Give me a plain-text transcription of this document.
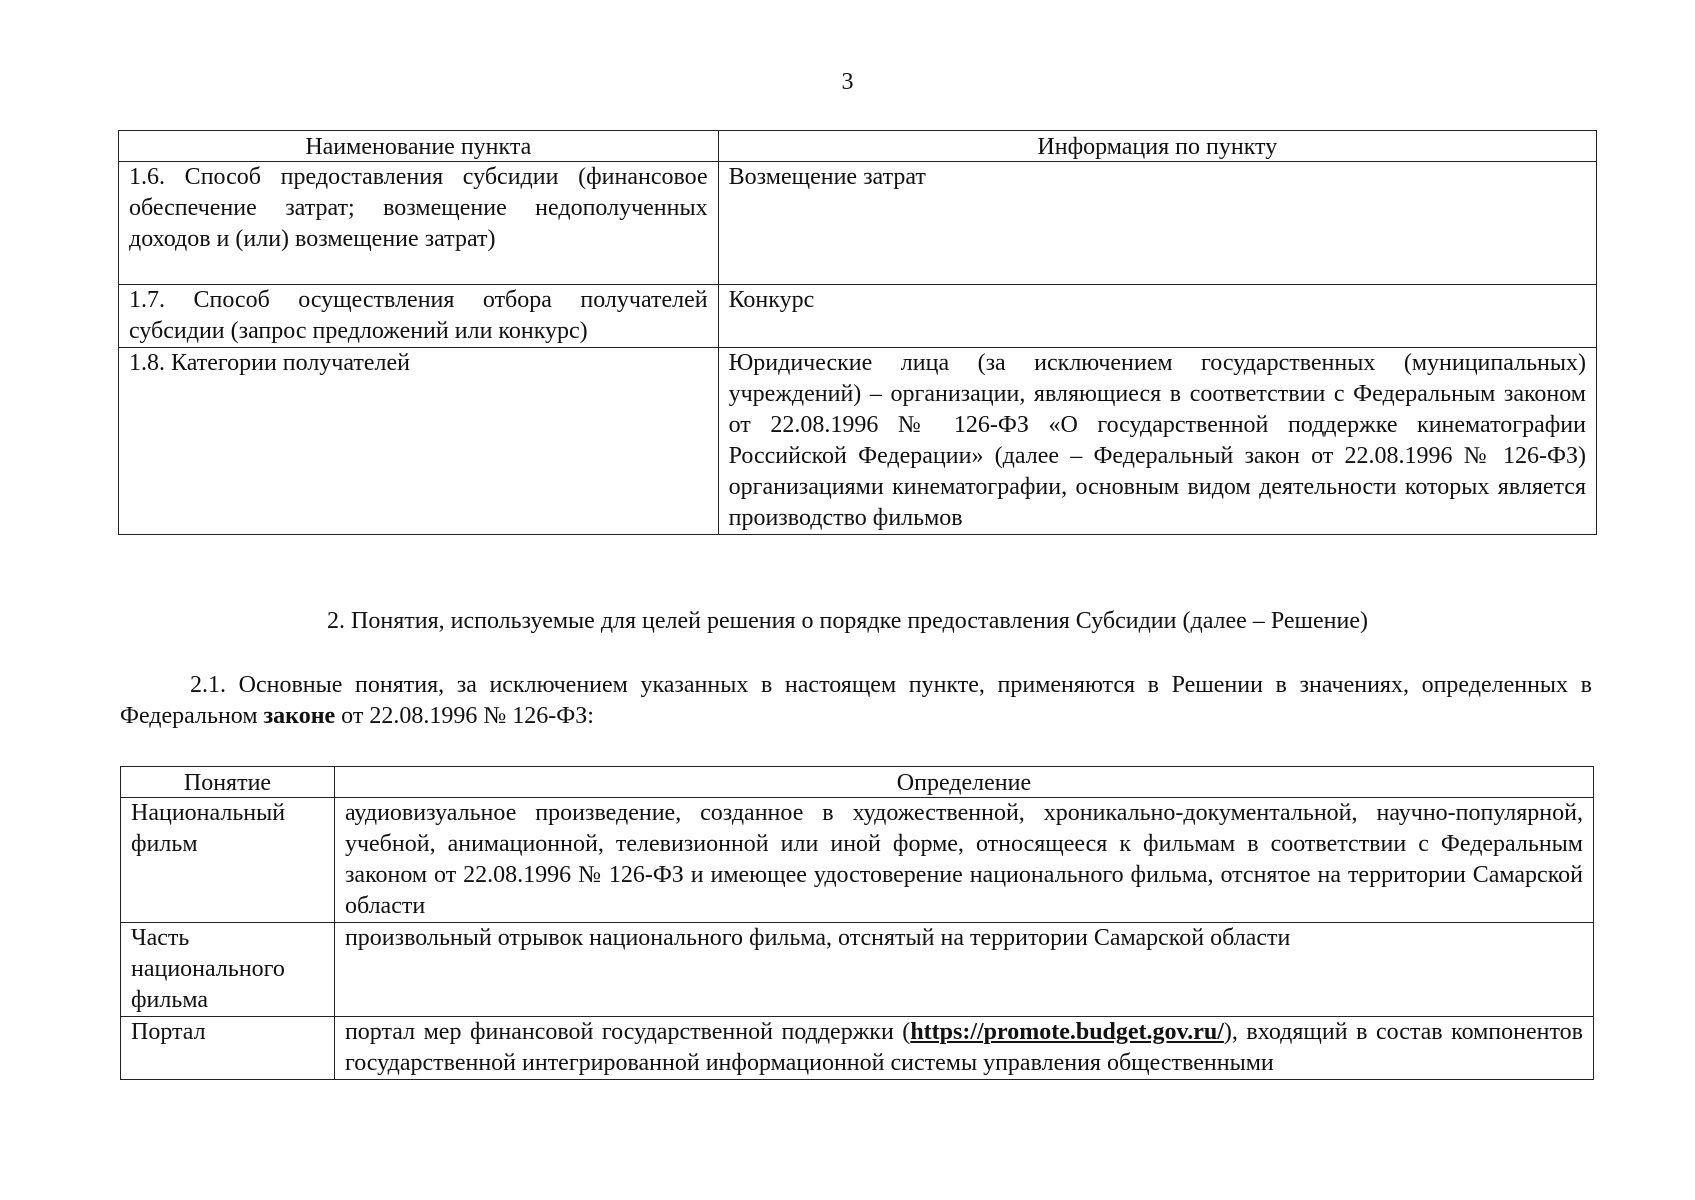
3
Наименование пункта	Информация по пункту
1.6. Способ предоставления субсидии (финансовое обеспечение затрат; возмещение недополученных доходов и (или) возмещение затрат)	Возмещение затрат
1.7. Способ осуществления отбора получателей субсидии (запрос предложений или конкурс)	Конкурс
1.8. Категории получателей	Юридические лица (за исключением государственных (муниципальных) учреждений) – организации, являющиеся в соответствии с Федеральным законом от 22.08.1996 № 126-ФЗ «О государственной поддержке кинематографии Российской Федерации» (далее – Федеральный закон от 22.08.1996 № 126-ФЗ) организациями кинематографии, основным видом деятельности которых является производство фильмов
2. Понятия, используемые для целей решения о порядке предоставления Субсидии (далее – Решение)
2.1. Основные понятия, за исключением указанных в настоящем пункте, применяются в Решении в значениях, определенных в Федеральном законе от 22.08.1996 № 126-ФЗ:
Понятие	Определение
Национальный фильм	аудиовизуальное произведение, созданное в художественной, хроникально-документальной, научно-популярной, учебной, анимационной, телевизионной или иной форме, относящееся к фильмам в соответствии с Федеральным законом от 22.08.1996 № 126-ФЗ и имеющее удостоверение национального фильма, отснятое на территории Самарской области
Часть национального фильма	произвольный отрывок национального фильма, отснятый на территории Самарской области
Портал	портал мер финансовой государственной поддержки (https://promote.budget.gov.ru/), входящий в состав компонентов государственной интегрированной информационной системы управления общественными
